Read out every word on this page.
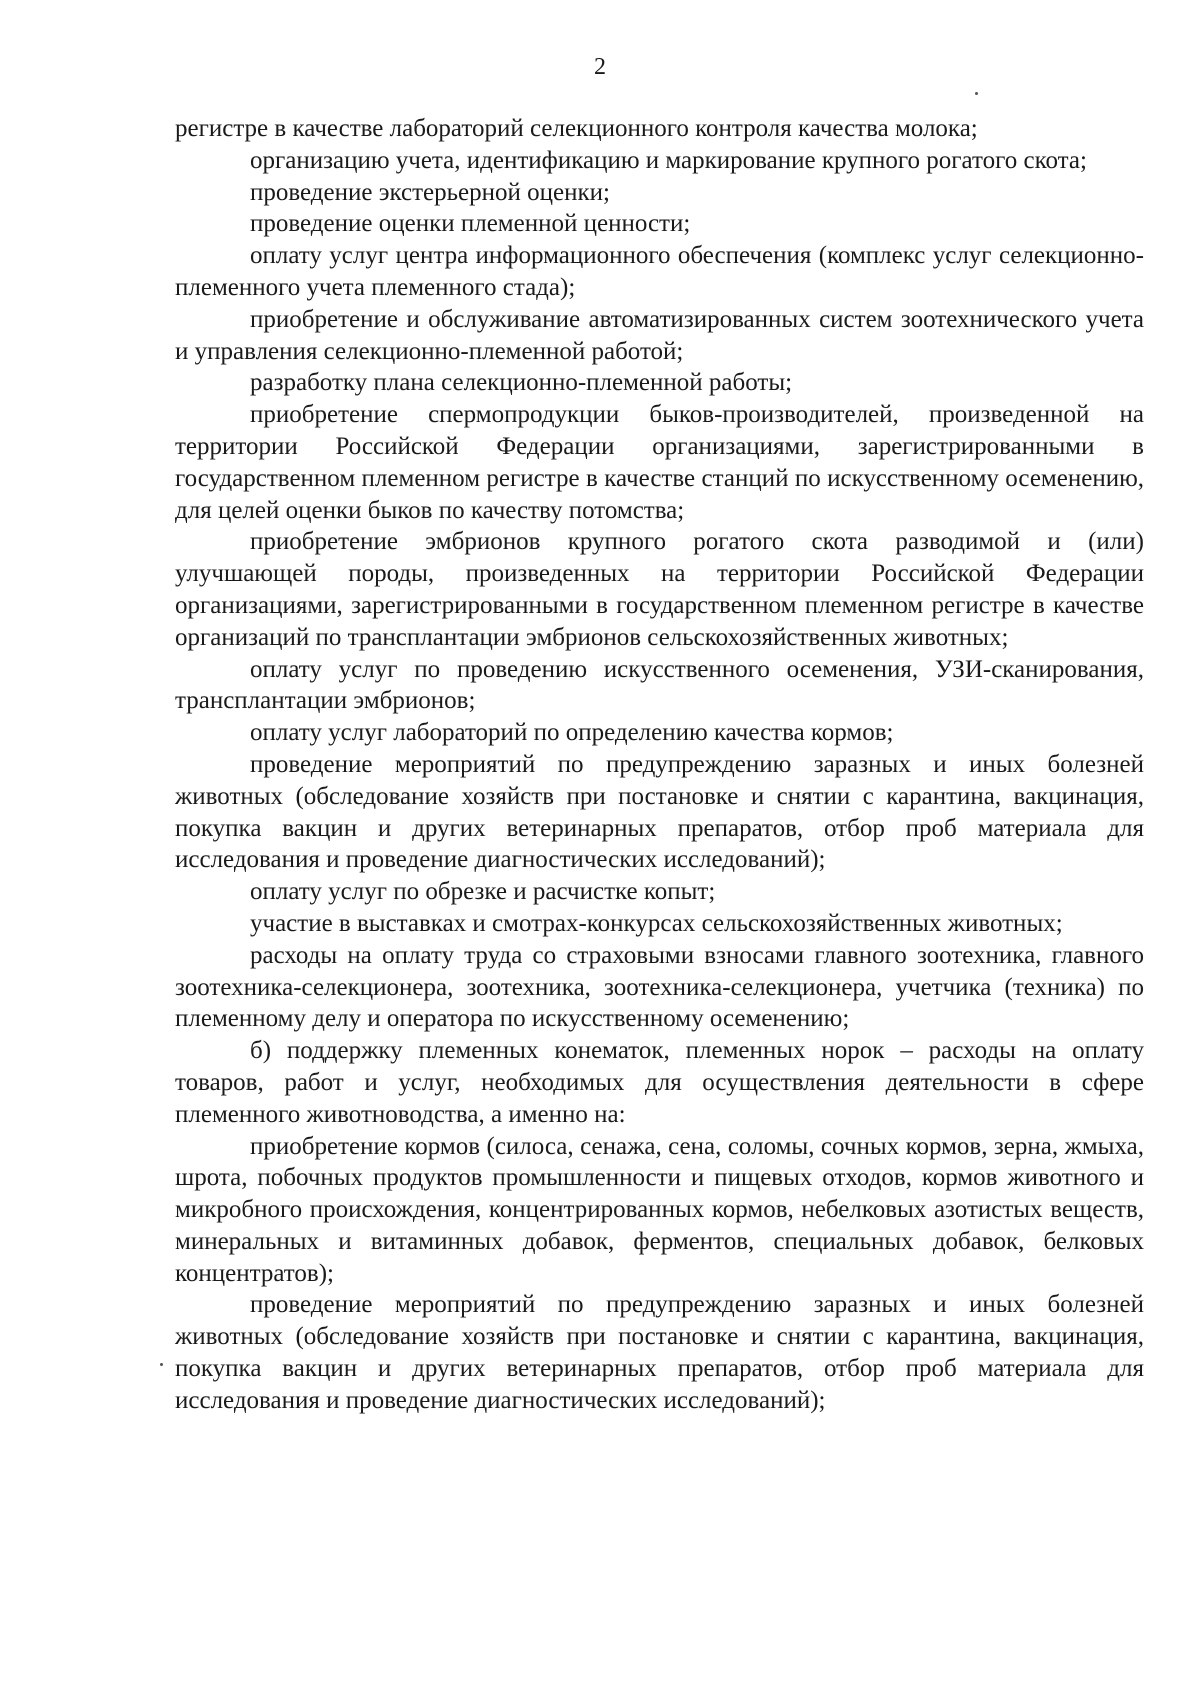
2

регистре в качестве лабораторий селекционного контроля качества молока;

организацию учета, идентификацию и маркирование крупного рогатого скота;

проведение экстерьерной оценки;

проведение оценки племенной ценности;

оплату услуг центра информационного обеспечения (комплекс услуг селекционно-племенного учета племенного стада);

приобретение и обслуживание автоматизированных систем зоотехнического учета и управления селекционно-племенной работой;

разработку плана селекционно-племенной работы;

приобретение спермопродукции быков-производителей, произведенной на территории Российской Федерации организациями, зарегистрированными в государственном племенном регистре в качестве станций по искусственному осеменению, для целей оценки быков по качеству потомства;

приобретение эмбрионов крупного рогатого скота разводимой и (или) улучшающей породы, произведенных на территории Российской Федерации организациями, зарегистрированными в государственном племенном регистре в качестве организаций по трансплантации эмбрионов сельскохозяйственных животных;

оплату услуг по проведению искусственного осеменения, УЗИ-сканирования, трансплантации эмбрионов;

оплату услуг лабораторий по определению качества кормов;

проведение мероприятий по предупреждению заразных и иных болезней животных (обследование хозяйств при постановке и снятии с карантина, вакцинация, покупка вакцин и других ветеринарных препаратов, отбор проб материала для исследования и проведение диагностических исследований);

оплату услуг по обрезке и расчистке копыт;

участие в выставках и смотрах-конкурсах сельскохозяйственных животных;

расходы на оплату труда со страховыми взносами главного зоотехника, главного зоотехника-селекционера, зоотехника, зоотехника-селекционера, учетчика (техника) по племенному делу и оператора по искусственному осеменению;

б) поддержку племенных конематок, племенных норок – расходы на оплату товаров, работ и услуг, необходимых для осуществления деятельности в сфере племенного животноводства, а именно на:

приобретение кормов (силоса, сенажа, сена, соломы, сочных кормов, зерна, жмыха, шрота, побочных продуктов промышленности и пищевых отходов, кормов животного и микробного происхождения, концентрированных кормов, небелковых азотистых веществ, минеральных и витаминных добавок, ферментов, специальных добавок, белковых концентратов);

проведение мероприятий по предупреждению заразных и иных болезней животных (обследование хозяйств при постановке и снятии с карантина, вакцинация, покупка вакцин и других ветеринарных препаратов, отбор проб материала для исследования и проведение диагностических исследований);
